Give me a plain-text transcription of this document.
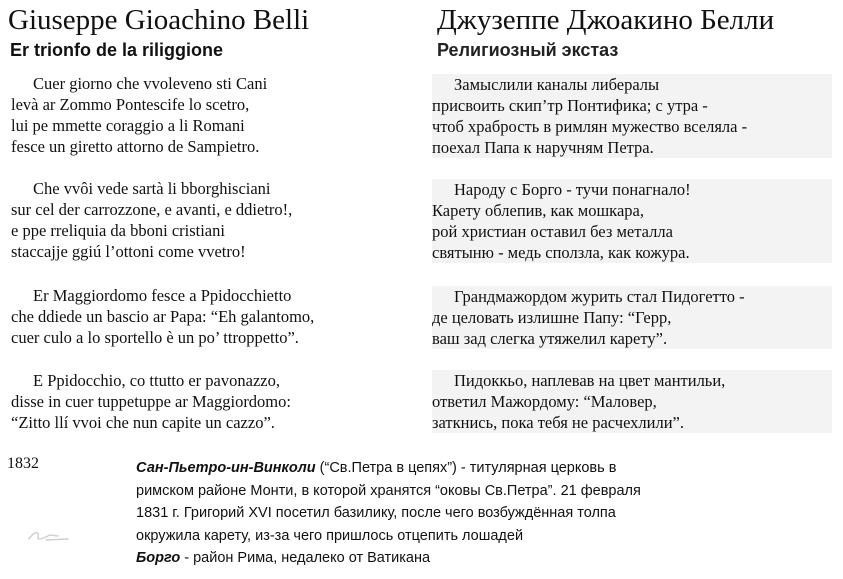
Giuseppe Gioachino Belli	Джузеппе Джоакино Белли
Er trionfo de la riliggione	Религиозный экстаз
Cuer giorno che vvoleveno sti Cani
levà ar Zommo Pontescife lo scetro,
lui pe mmette coraggio a li Romani
fesce un giretto attorno de Sampietro.
Che vvôi vede sartà li bborghisciani
sur cel der carrozzone, e avanti, e ddietro!,
e ppe rreliquia da bboni cristiani
staccajje ggiú l’ottoni come vvetro!
Er Maggiordomo fesce a Ppidocchietto
che ddiede un bascio ar Papa: “Eh galantomo,
cuer culo a lo sportello è un po’ ttroppetto”.
E Ppidocchio, co ttutto er pavonazzo,
disse in cuer tuppetuppe ar Maggiordomo:
“Zitto llí vvoi che nun capite un cazzo”.
Замыслили каналы либералы
присвоить скип’тр Понтифика; с утра -
чтоб храбрость в римлян мужество вселяла -
поехал Папа к наручням Петра.
Народу с Борго - тучи понагнало!
Карету облепив, как мошкара,
рой христиан оставил без металла
святыню - медь сползла, как кожура.
Грандмажордом журить стал Пидогетто -
де целовать излишне Папу: “Герр,
ваш зад слегка утяжелил карету”.
Пидоккьо, наплевав на цвет мантильи,
ответил Мажордому: “Маловер,
заткнись, пока тебя не расчехлили”.
1832	Сан-Пьетро-ин-Винколи (“Св.Петра в цепях”) - титулярная церковь в
римском районе Монти, в которой хранятся “оковы Св.Петра”. 21 февраля
1831 г. Григорий XVI посетил базилику, после чего возбуждённая толпа
окружила карету, из-за чего пришлось отцепить лошадей
Борго - район Рима, недалеко от Ватикана
